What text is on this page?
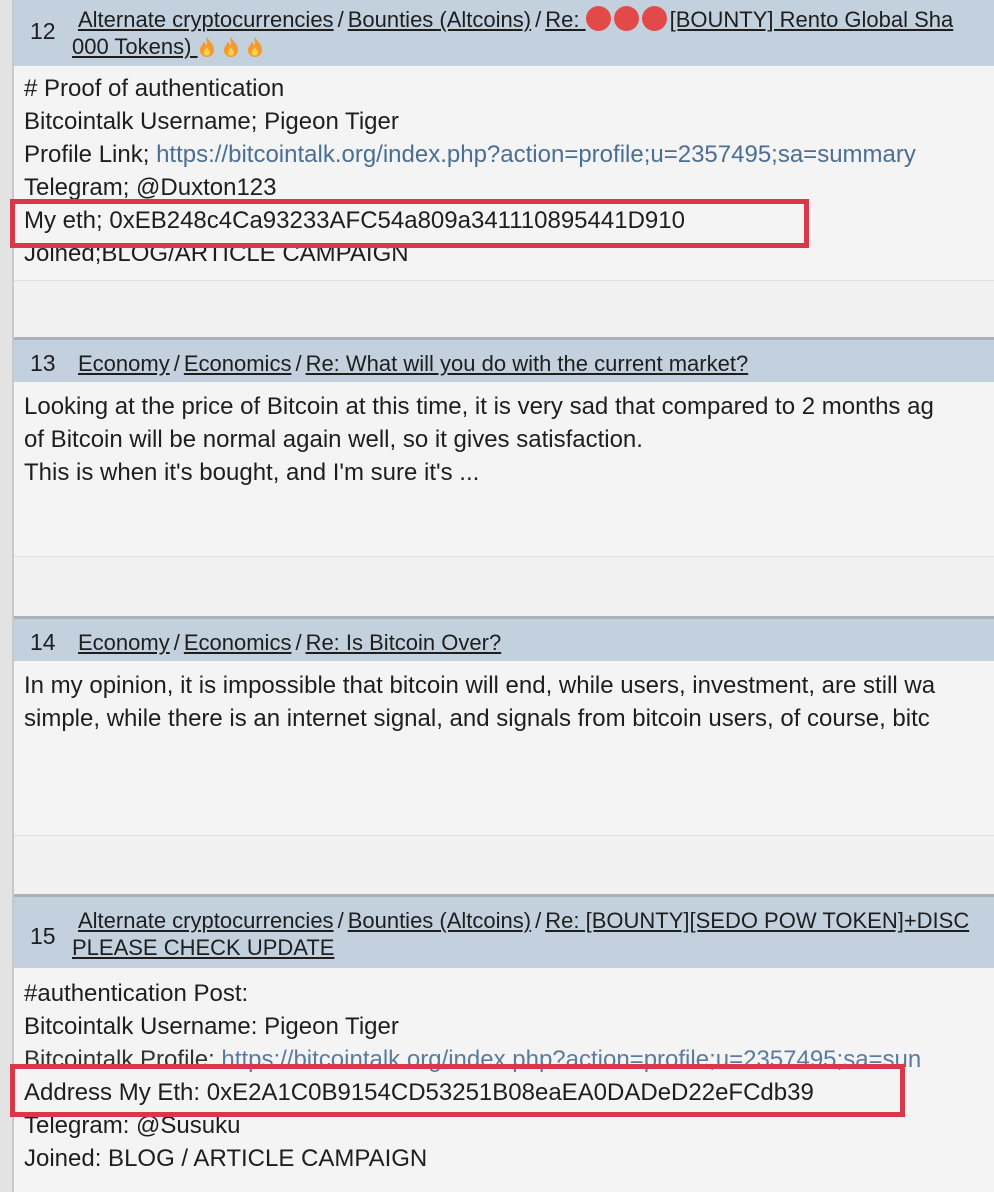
12 Alternate cryptocurrencies / Bounties (Altcoins) / Re:	[BOUNTY] Rento Global Sha
000 Tokens)
# Proof of authentication
Bitcointalk Username; Pigeon Tiger
Profile Link; https://bitcointalk.org/index.php?action=profile;u=2357495;sa=summary
Telegram; @Duxton123
My eth; 0xEB248c4Ca93233AFC54a809a341110895441D910
Joined;BLOG/ARTICLE CAMPAIGN
13 Economy / Economics / Re: What will you do with the current market?
Looking at the price of Bitcoin at this time, it is very sad that compared to 2 months ag
of Bitcoin will be normal again well, so it gives satisfaction.
This is when it's bought, and I'm sure it's ...
14 Economy / Economics / Re: Is Bitcoin Over?
In my opinion, it is impossible that bitcoin will end, while users, investment, are still wa
simple, while there is an internet signal, and signals from bitcoin users, of course, bitc
15
Alternate cryptocurrencies / Bounties (Altcoins) / Re: [BOUNTY][SEDO POW TOKEN]+DISC
PLEASE CHECK UPDATE
#authentication Post:
Bitcointalk Username: Pigeon Tiger
Bitcointalk Profile: https://bitcointalk.org/index.php?action=profile;u=2357495;sa=sun
Address My Eth: 0xE2A1C0B9154CD53251B08eaEA0DADeD22eFCdb39
Telegram: @Susuku
Joined: BLOG / ARTICLE CAMPAIGN
